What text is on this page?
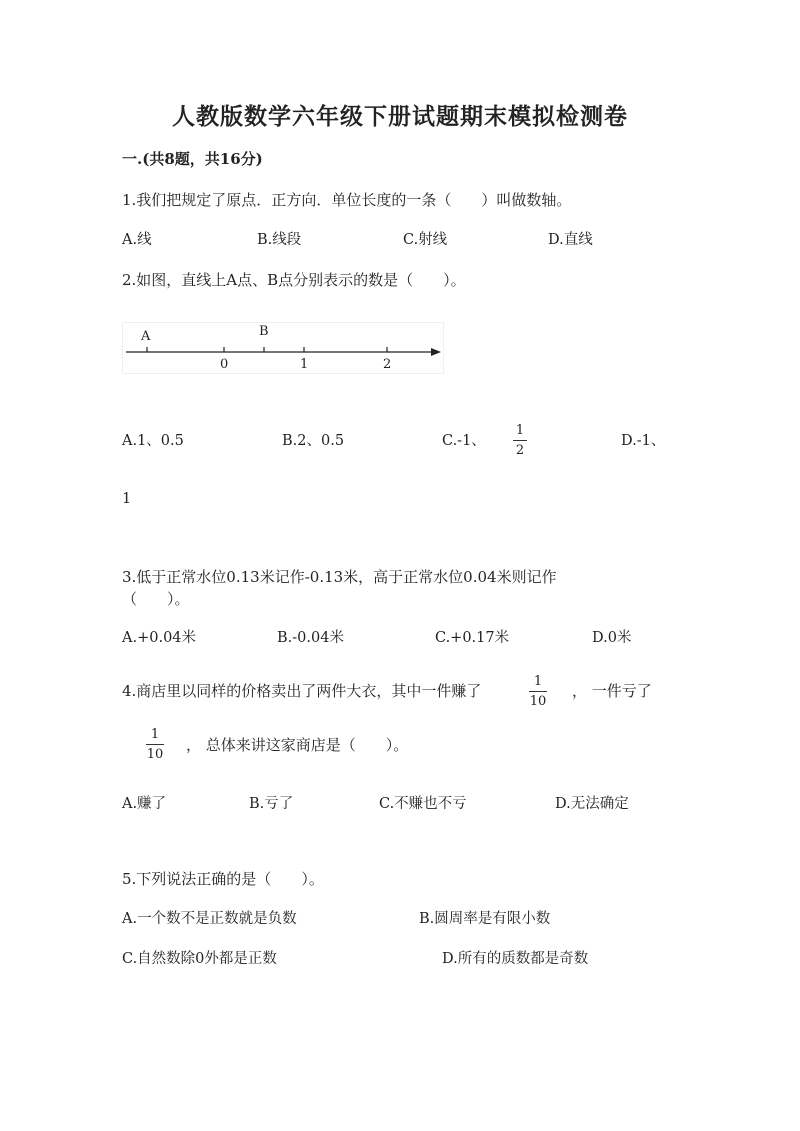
人教版数学六年级下册试题期末模拟检测卷
一.(共8题，共16分)
1.我们把规定了原点．正方向．单位长度的一条（　　）叫做数轴。
A.线	B.线段	C.射线	D.直线
2.如图，直线上A点、B点分别表示的数是（　　）。
A	B
0	1	2
A.1、0.5	B.2、0.5	C.-1、
1
2
D.-1、
1
3.低于正常水位0.13米记作-0.13米，高于正常水位0.04米则记作
（　　）。
A.+0.04米	B.-0.04米	C.+0.17米	D.0米
4.商店里以同样的价格卖出了两件大衣，其中一件赚了
1
10
， 一件亏了
1
10
， 总体来讲这家商店是（　　）。
A.赚了	B.亏了	C.不赚也不亏	D.无法确定
5.下列说法正确的是（　　）。
A.一个数不是正数就是负数	B.圆周率是有限小数
C.自然数除0外都是正数	D.所有的质数都是奇数
